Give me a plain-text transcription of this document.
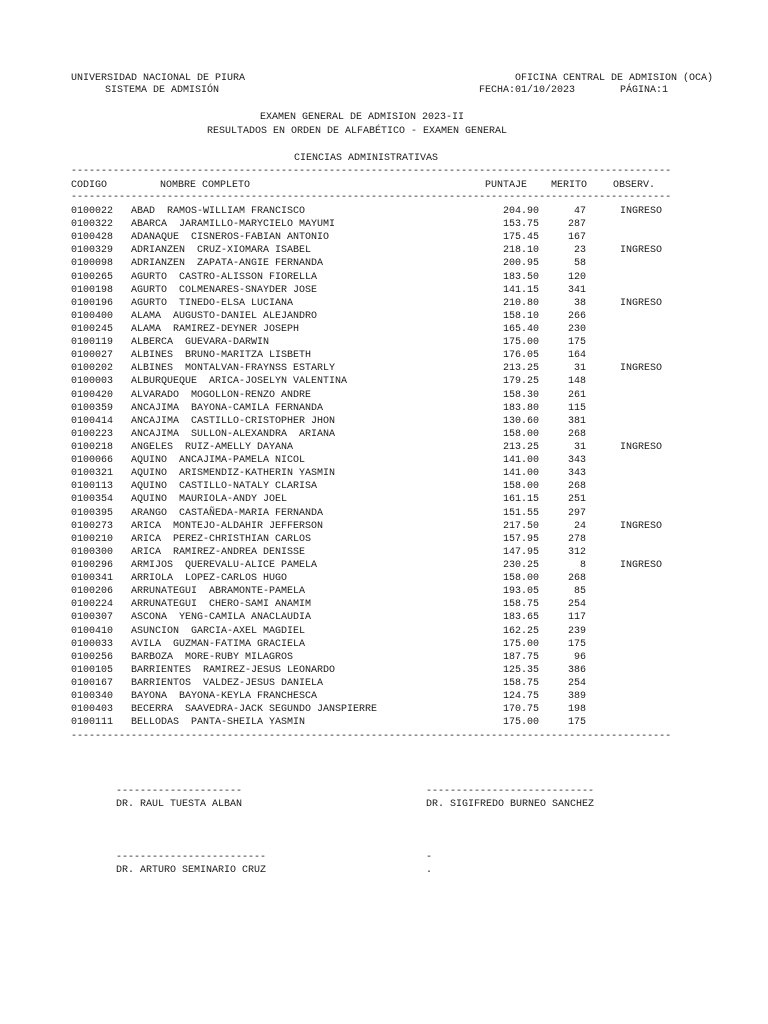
UNIVERSIDAD NACIONAL DE PIURA
SISTEMA DE ADMISIÓN
OFICINA CENTRAL DE ADMISION (OCA)
FECHA:01/10/2023	PÁGINA:1
EXAMEN GENERAL DE ADMISION 2023-II
RESULTADOS EN ORDEN DE ALFABÉTICO - EXAMEN GENERAL
CIENCIAS ADMINISTRATIVAS
----------------------------------------------------------------------------------------------------
CODIGO	NOMBRE COMPLETO	PUNTAJE MERITO	OBSERV.
----------------------------------------------------------------------------------------------------
0100022 ABAD  RAMOS-WILLIAM FRANCISCO	204.90	47	INGRESO
0100322 ABARCA  JARAMILLO-MARYCIELO MAYUMI	153.75	287
0100428 ADANAQUE  CISNEROS-FABIAN ANTONIO	175.45	167
0100329 ADRIANZEN  CRUZ-XIOMARA ISABEL	218.10	23	INGRESO
0100098 ADRIANZEN  ZAPATA-ANGIE FERNANDA	200.95	58
0100265 AGURTO  CASTRO-ALISSON FIORELLA	183.50	120
0100198 AGURTO  COLMENARES-SNAYDER JOSE	141.15	341
0100196 AGURTO  TINEDO-ELSA LUCIANA	210.80	38	INGRESO
0100400 ALAMA  AUGUSTO-DANIEL ALEJANDRO	158.10	266
0100245 ALAMA  RAMIREZ-DEYNER JOSEPH	165.40	230
0100119 ALBERCA  GUEVARA-DARWIN	175.00	175
0100027 ALBINES  BRUNO-MARITZA LISBETH	176.05	164
0100202 ALBINES  MONTALVAN-FRAYNSS ESTARLY	213.25	31	INGRESO
0100003 ALBURQUEQUE  ARICA-JOSELYN VALENTINA	179.25	148
0100420 ALVARADO  MOGOLLON-RENZO ANDRE	158.30	261
0100359 ANCAJIMA  BAYONA-CAMILA FERNANDA	183.80	115
0100414 ANCAJIMA  CASTILLO-CRISTOPHER JHON	130.60	381
0100223 ANCAJIMA  SULLON-ALEXANDRA  ARIANA	158.00	268
0100218 ANGELES  RUIZ-AMELLY DAYANA	213.25	31	INGRESO
0100066 AQUINO  ANCAJIMA-PAMELA NICOL	141.00	343
0100321 AQUINO  ARISMENDIZ-KATHERIN YASMIN	141.00	343
0100113 AQUINO  CASTILLO-NATALY CLARISA	158.00	268
0100354 AQUINO  MAURIOLA-ANDY JOEL	161.15	251
0100395 ARANGO  CASTAÑEDA-MARIA FERNANDA	151.55	297
0100273 ARICA  MONTEJO-ALDAHIR JEFFERSON	217.50	24	INGRESO
0100210 ARICA  PEREZ-CHRISTHIAN CARLOS	157.95	278
0100300 ARICA  RAMIREZ-ANDREA DENISSE	147.95	312
0100296 ARMIJOS  QUEREVALU-ALICE PAMELA	230.25	8	INGRESO
0100341 ARRIOLA  LOPEZ-CARLOS HUGO	158.00	268
0100206 ARRUNATEGUI  ABRAMONTE-PAMELA	193.05	85
0100224 ARRUNATEGUI  CHERO-SAMI ANAMIM	158.75	254
0100307 ASCONA  YENG-CAMILA ANACLAUDIA	183.65	117
0100410 ASUNCION  GARCIA-AXEL MAGDIEL	162.25	239
0100033 AVILA  GUZMAN-FATIMA GRACIELA	175.00	175
0100256 BARBOZA  MORE-RUBY MILAGROS	187.75	96
0100105 BARRIENTES  RAMIREZ-JESUS LEONARDO	125.35	386
0100167 BARRIENTOS  VALDEZ-JESUS DANIELA	158.75	254
0100340 BAYONA  BAYONA-KEYLA FRANCHESCA	124.75	389
0100403 BECERRA  SAAVEDRA-JACK SEGUNDO JANSPIERRE	170.75	198
0100111 BELLODAS  PANTA-SHEILA YASMIN	175.00	175
----------------------------------------------------------------------------------------------------
---------------------
DR. RAUL TUESTA ALBAN
----------------------------
DR. SIGIFREDO BURNEO SANCHEZ
-------------------------
DR. ARTURO SEMINARIO CRUZ
-
.
